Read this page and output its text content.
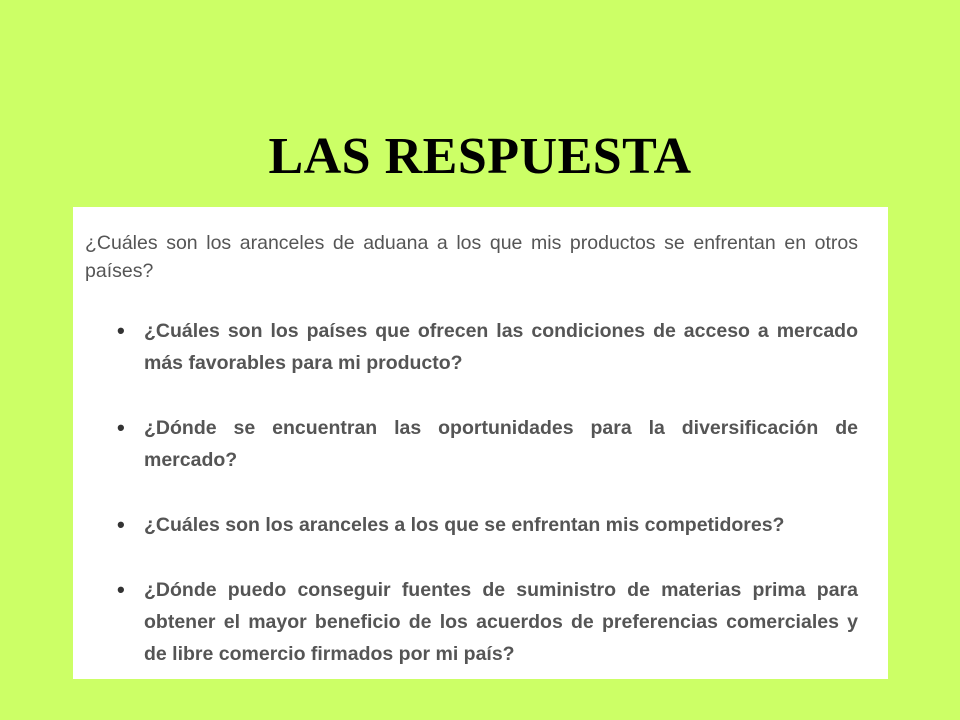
LAS RESPUESTA

¿Cuáles son los aranceles de aduana a los que mis productos se enfrentan en otros países?

• ¿Cuáles son los países que ofrecen las condiciones de acceso a mercado más favorables para mi producto?
• ¿Dónde se encuentran las oportunidades para la diversificación de mercado?
• ¿Cuáles son los aranceles a los que se enfrentan mis competidores?
• ¿Dónde puedo conseguir fuentes de suministro de materias prima para obtener el mayor beneficio de los acuerdos de preferencias comerciales y de libre comercio firmados por mi país?
